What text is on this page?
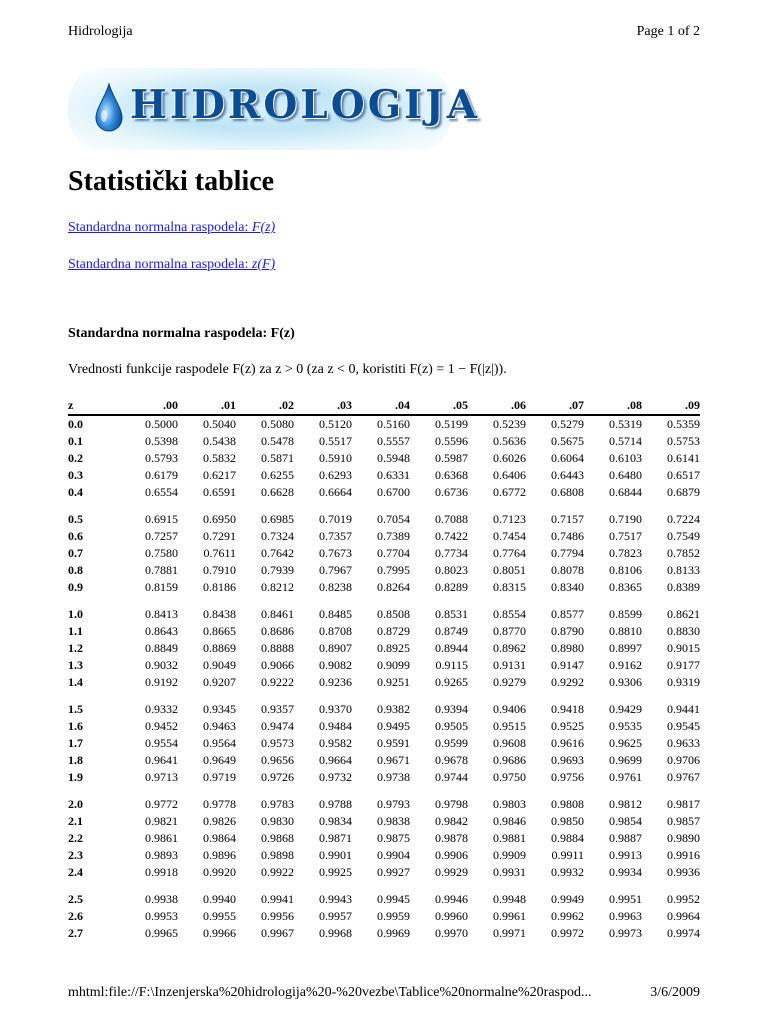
Hidrologija	Page 1 of 2
HIDROLOGIJA
Statistički tablice
Standardna normalna raspodela: F(z)
Standardna normalna raspodela: z(F)
Standardna normalna raspodela: F(z)
Vrednosti funkcije raspodele F(z) za z > 0 (za z < 0, koristiti F(z) = 1 − F(|z|)).
z	.00	.01	.02	.03	.04	.05	.06	.07	.08	.09
0.0	0.5000	0.5040	0.5080	0.5120	0.5160	0.5199	0.5239	0.5279	0.5319	0.5359
0.1	0.5398	0.5438	0.5478	0.5517	0.5557	0.5596	0.5636	0.5675	0.5714	0.5753
0.2	0.5793	0.5832	0.5871	0.5910	0.5948	0.5987	0.6026	0.6064	0.6103	0.6141
0.3	0.6179	0.6217	0.6255	0.6293	0.6331	0.6368	0.6406	0.6443	0.6480	0.6517
0.4	0.6554	0.6591	0.6628	0.6664	0.6700	0.6736	0.6772	0.6808	0.6844	0.6879
0.5	0.6915	0.6950	0.6985	0.7019	0.7054	0.7088	0.7123	0.7157	0.7190	0.7224
0.6	0.7257	0.7291	0.7324	0.7357	0.7389	0.7422	0.7454	0.7486	0.7517	0.7549
0.7	0.7580	0.7611	0.7642	0.7673	0.7704	0.7734	0.7764	0.7794	0.7823	0.7852
0.8	0.7881	0.7910	0.7939	0.7967	0.7995	0.8023	0.8051	0.8078	0.8106	0.8133
0.9	0.8159	0.8186	0.8212	0.8238	0.8264	0.8289	0.8315	0.8340	0.8365	0.8389
1.0	0.8413	0.8438	0.8461	0.8485	0.8508	0.8531	0.8554	0.8577	0.8599	0.8621
1.1	0.8643	0.8665	0.8686	0.8708	0.8729	0.8749	0.8770	0.8790	0.8810	0.8830
1.2	0.8849	0.8869	0.8888	0.8907	0.8925	0.8944	0.8962	0.8980	0.8997	0.9015
1.3	0.9032	0.9049	0.9066	0.9082	0.9099	0.9115	0.9131	0.9147	0.9162	0.9177
1.4	0.9192	0.9207	0.9222	0.9236	0.9251	0.9265	0.9279	0.9292	0.9306	0.9319
1.5	0.9332	0.9345	0.9357	0.9370	0.9382	0.9394	0.9406	0.9418	0.9429	0.9441
1.6	0.9452	0.9463	0.9474	0.9484	0.9495	0.9505	0.9515	0.9525	0.9535	0.9545
1.7	0.9554	0.9564	0.9573	0.9582	0.9591	0.9599	0.9608	0.9616	0.9625	0.9633
1.8	0.9641	0.9649	0.9656	0.9664	0.9671	0.9678	0.9686	0.9693	0.9699	0.9706
1.9	0.9713	0.9719	0.9726	0.9732	0.9738	0.9744	0.9750	0.9756	0.9761	0.9767
2.0	0.9772	0.9778	0.9783	0.9788	0.9793	0.9798	0.9803	0.9808	0.9812	0.9817
2.1	0.9821	0.9826	0.9830	0.9834	0.9838	0.9842	0.9846	0.9850	0.9854	0.9857
2.2	0.9861	0.9864	0.9868	0.9871	0.9875	0.9878	0.9881	0.9884	0.9887	0.9890
2.3	0.9893	0.9896	0.9898	0.9901	0.9904	0.9906	0.9909	0.9911	0.9913	0.9916
2.4	0.9918	0.9920	0.9922	0.9925	0.9927	0.9929	0.9931	0.9932	0.9934	0.9936
2.5	0.9938	0.9940	0.9941	0.9943	0.9945	0.9946	0.9948	0.9949	0.9951	0.9952
2.6	0.9953	0.9955	0.9956	0.9957	0.9959	0.9960	0.9961	0.9962	0.9963	0.9964
2.7	0.9965	0.9966	0.9967	0.9968	0.9969	0.9970	0.9971	0.9972	0.9973	0.9974
mhtml:file://F:\Inzenjerska%20hidrologija%20-%20vezbe\Tablice%20normalne%20raspod...	3/6/2009
